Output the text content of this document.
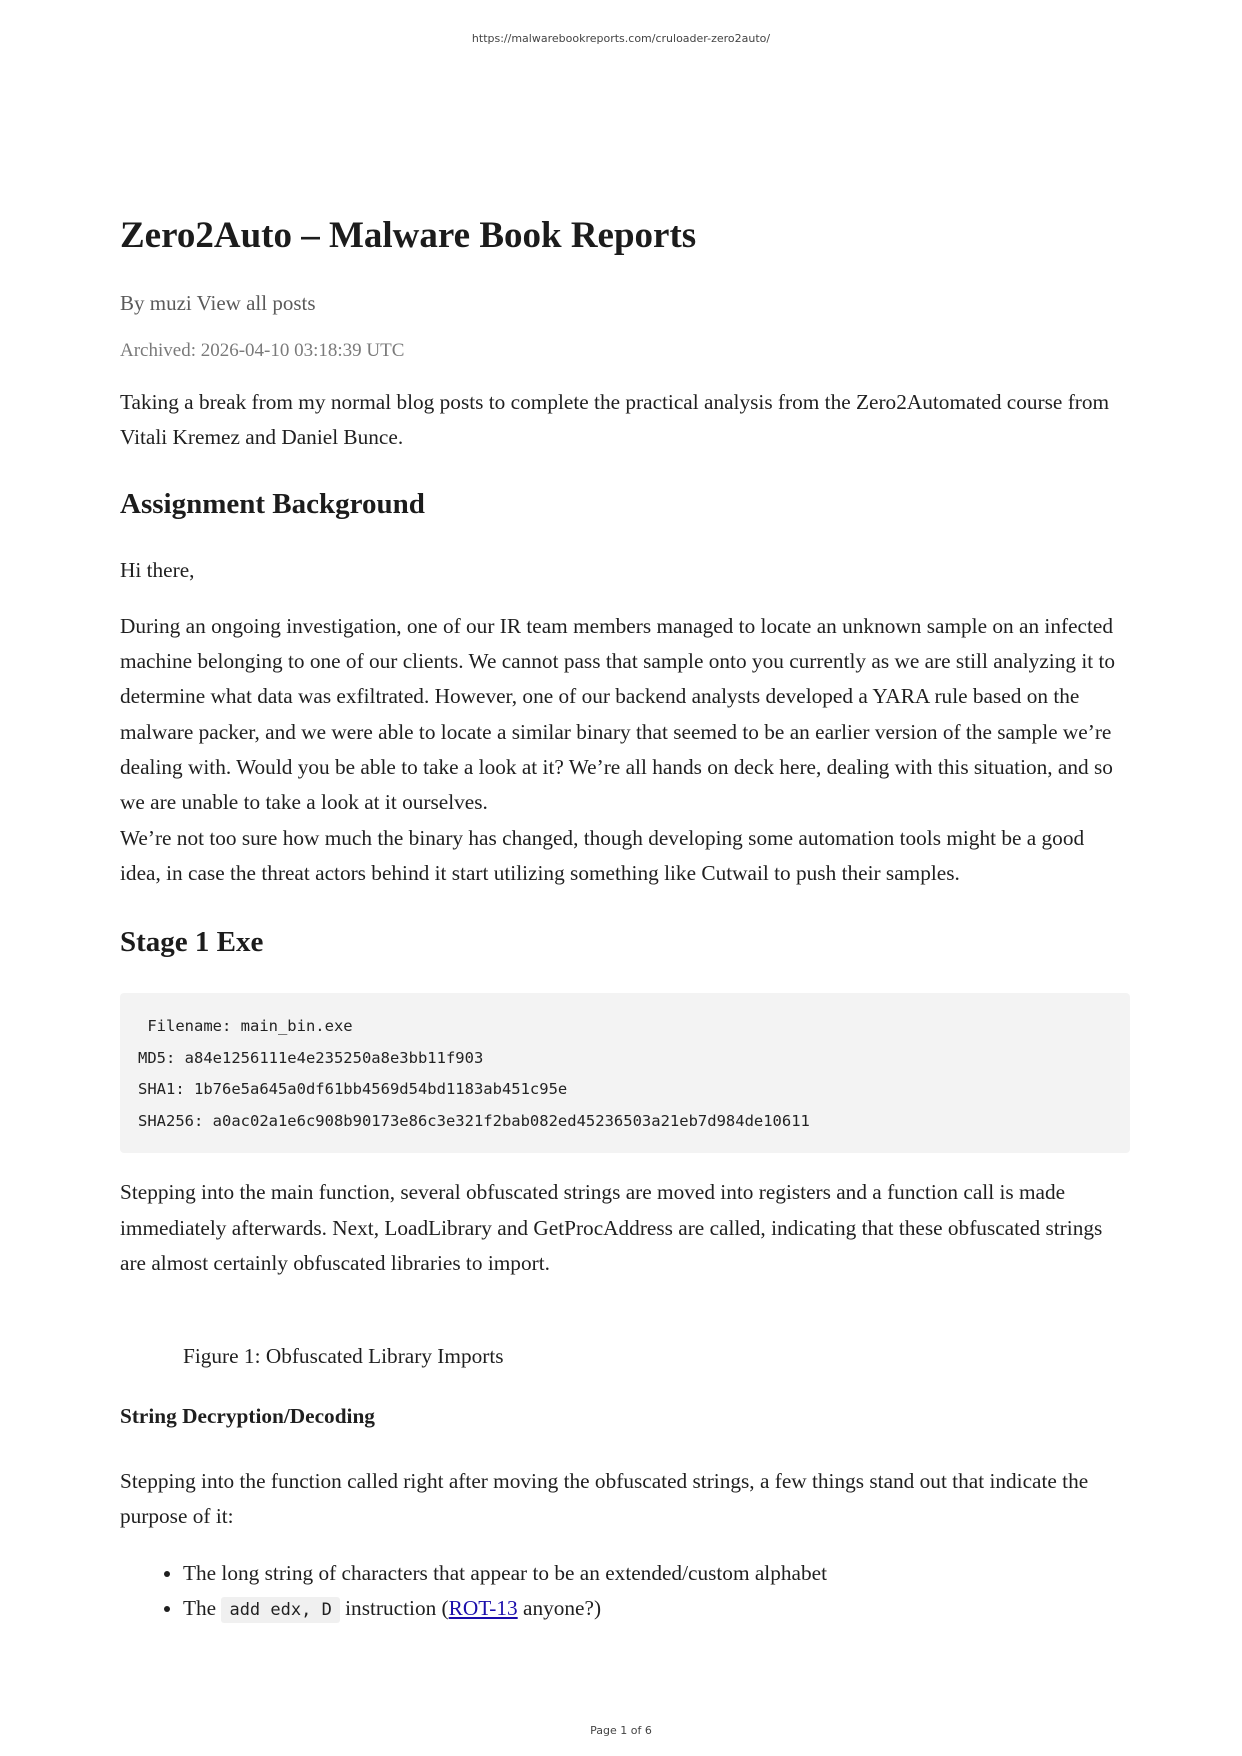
https://malwarebookreports.com/cruloader-zero2auto/
Zero2Auto – Malware Book Reports
By muzi View all posts
Archived: 2026-04-10 03:18:39 UTC

Taking a break from my normal blog posts to complete the practical analysis from the Zero2Automated course from Vitali Kremez and Daniel Bunce.

Assignment Background

Hi there,

During an ongoing investigation, one of our IR team members managed to locate an unknown sample on an infected machine belonging to one of our clients. We cannot pass that sample onto you currently as we are still analyzing it to determine what data was exfiltrated. However, one of our backend analysts developed a YARA rule based on the malware packer, and we were able to locate a similar binary that seemed to be an earlier version of the sample we’re dealing with. Would you be able to take a look at it? We’re all hands on deck here, dealing with this situation, and so we are unable to take a look at it ourselves.

We’re not too sure how much the binary has changed, though developing some automation tools might be a good idea, in case the threat actors behind it start utilizing something like Cutwail to push their samples.

Stage 1 Exe
Filename: main_bin.exe
MD5: a84e1256111e4e235250a8e3bb11f903
SHA1: 1b76e5a645a0df61bb4569d54bd1183ab451c95e
SHA256: a0ac02a1e6c908b90173e86c3e321f2bab082ed45236503a21eb7d984de10611

Stepping into the main function, several obfuscated strings are moved into registers and a function call is made immediately afterwards. Next, LoadLibrary and GetProcAddress are called, indicating that these obfuscated strings are almost certainly obfuscated libraries to import.

Figure 1: Obfuscated Library Imports
String Decryption/Decoding

Stepping into the function called right after moving the obfuscated strings, a few things stand out that indicate the purpose of it:

• The long string of characters that appear to be an extended/custom alphabet
• The add edx, D instruction (ROT-13 anyone?)
Page 1 of 6
